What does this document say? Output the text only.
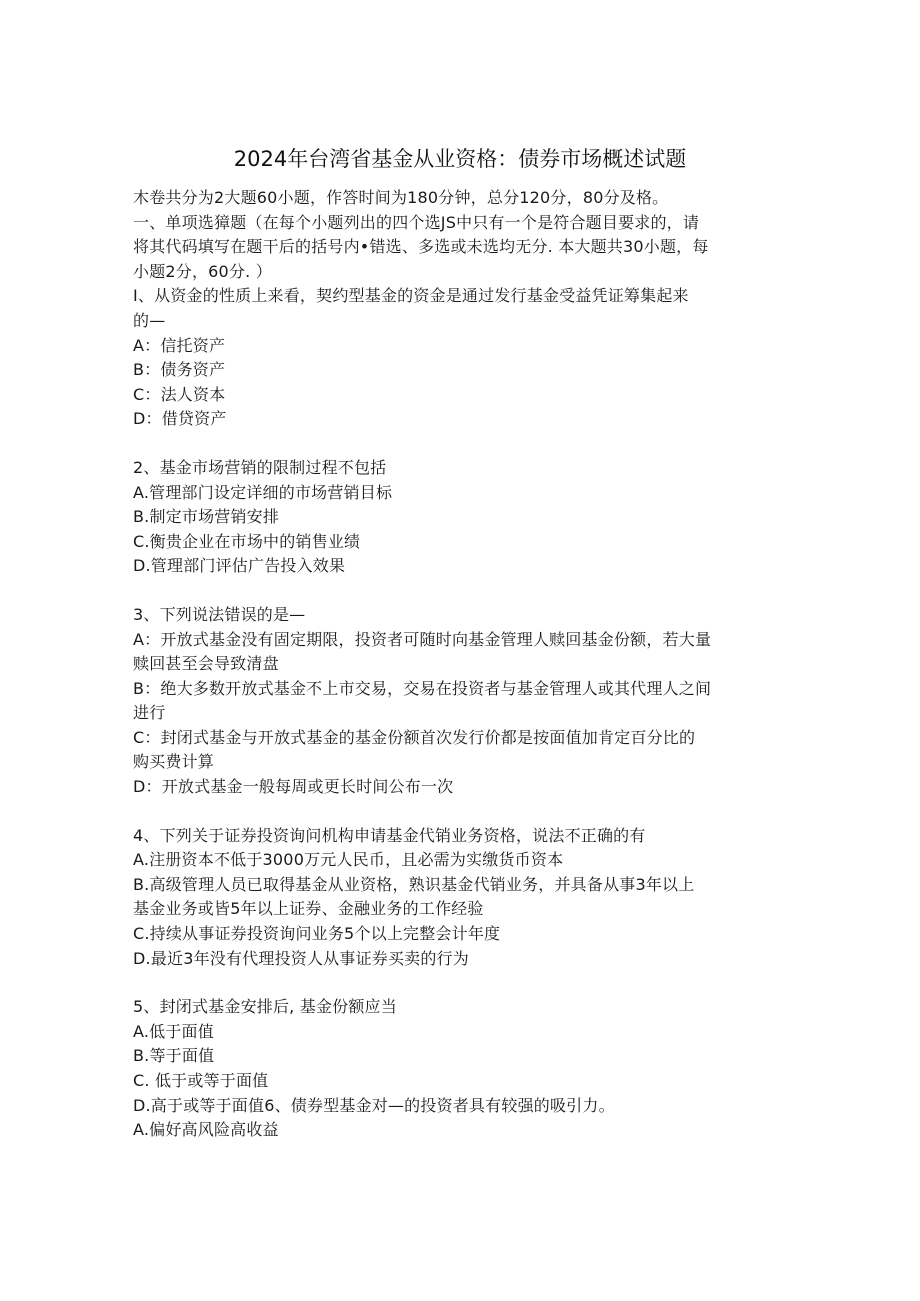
2024年台湾省基金从业资格：债券市场概述试题
木卷共分为2大题60小题，作答时间为180分钟，总分120分，80分及格。
一、单项选獐题（在每个小题列出的四个选JS中只有一个是符合题目要求的，请
将其代码填写在题干后的括号内•错选、多选或未选均无分. 本大题共30小题，每
小题2分，60分. ）
I、从资金的性质上来看，契约型基金的资金是通过发行基金受益凭证筹集起来
的—
A：信托资产
B：债务资产
C：法人资本
D：借贷资产
2、基金市场营销的限制过程不包括
A.管理部门设定详细的市场营销目标
B.制定市场营销安排
C.衡贵企业在市场中的销售业绩
D.管理部门评估广告投入效果
3、下列说法错误的是—
A：开放式基金没有固定期限，投资者可随时向基金管理人赎回基金份额，若大量
赎回甚至会导致清盘
B：绝大多数开放式基金不上市交易，交易在投资者与基金管理人或其代理人之间
进行
C：封闭式基金与开放式基金的基金份额首次发行价都是按面值加肯定百分比的
购买费计算
D：开放式基金一般每周或更长时间公布一次
4、下列关于证券投资询问机构申请基金代销业务资格，说法不正确的有
A.注册资本不低于3000万元人民币，且必需为实缴货币资本
B.高级管理人员已取得基金从业资格，熟识基金代销业务，并具备从事3年以上
基金业务或皆5年以上证券、金融业务的工作经验
C.持续从事证券投资询问业务5个以上完整会计年度
D.最近3年没有代理投资人从事证券买卖的行为
5、封闭式基金安排后, 基金份额应当
A.低于面值
B.等于面值
C. 低于或等于面值
D.高于或等于面值6、债券型基金对—的投资者具有较强的吸引力。
A.偏好高风险高收益
